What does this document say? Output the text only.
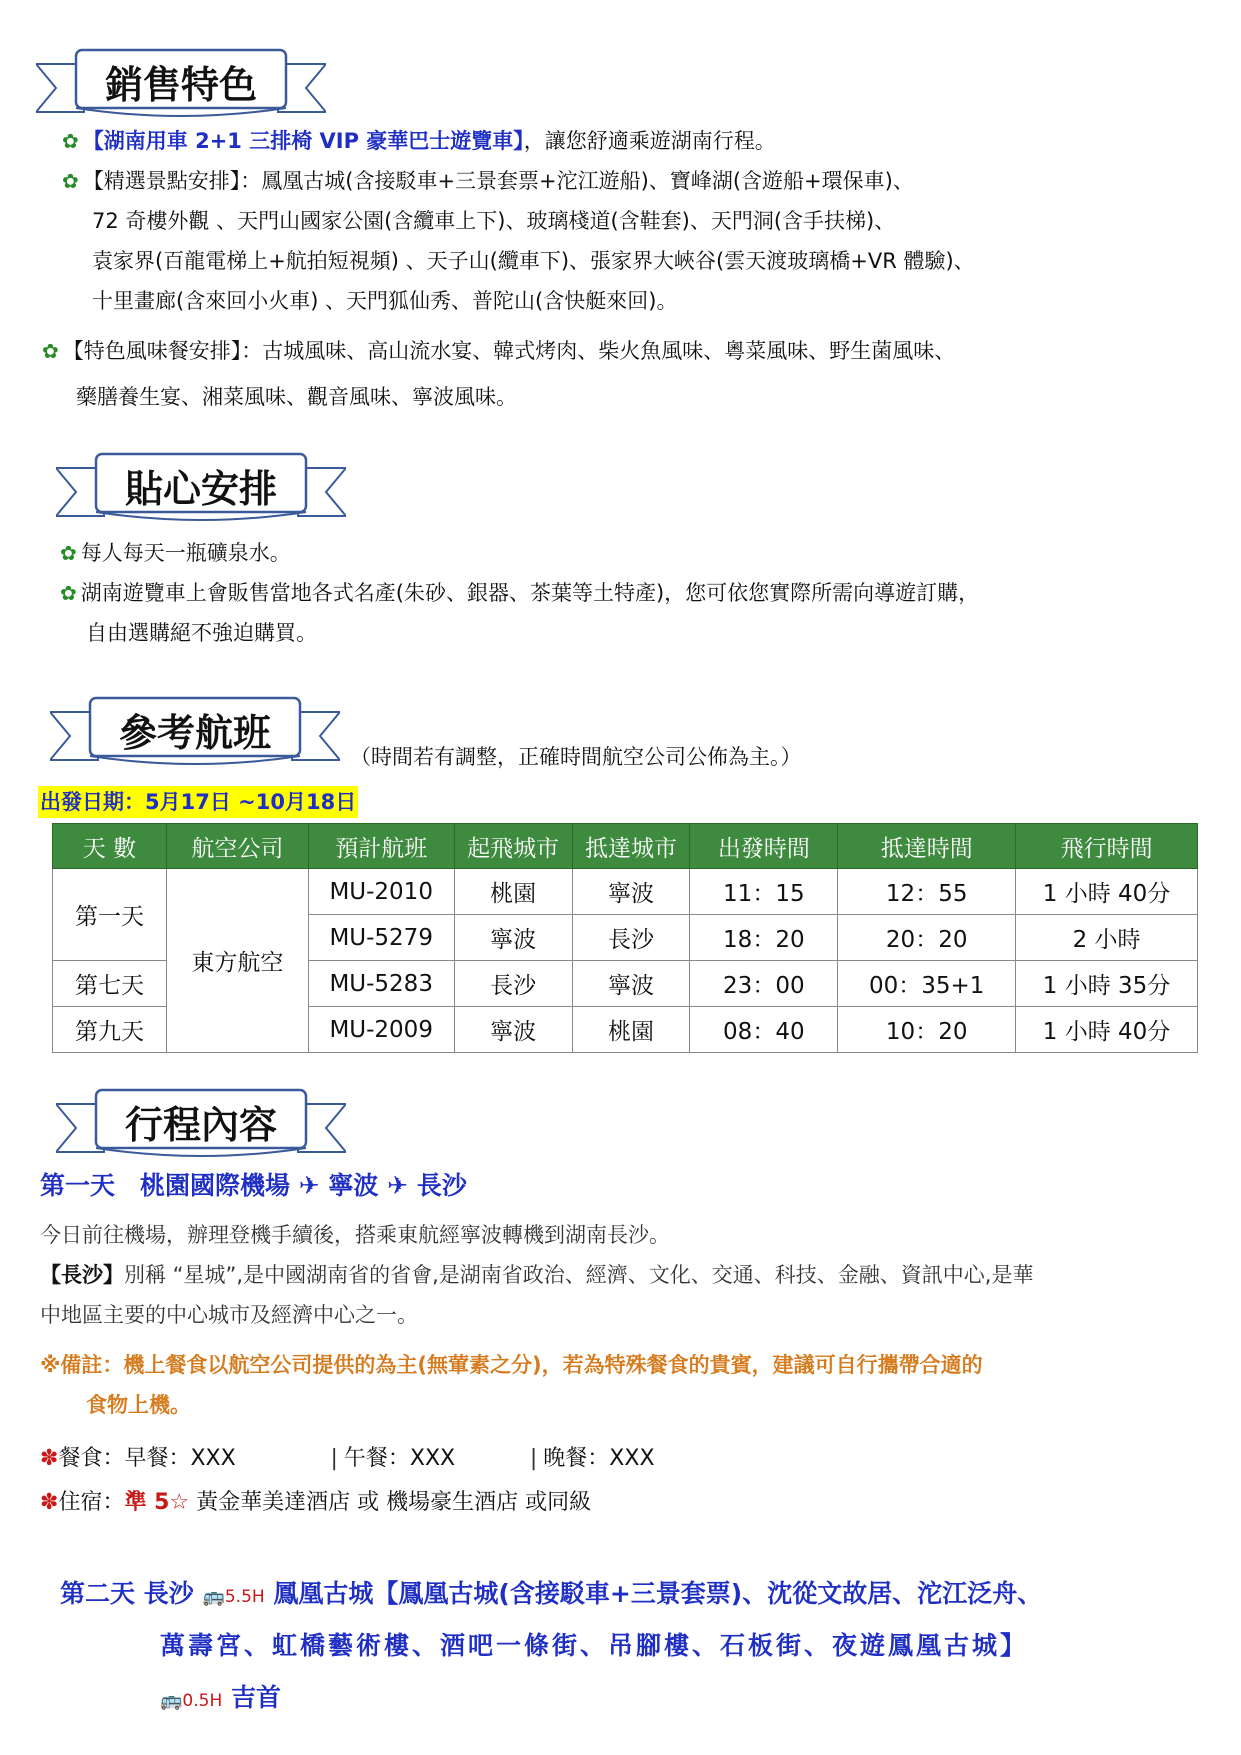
銷售特色
✿ 【湖南用車 2+1 三排椅 VIP 豪華巴士遊覽車】，讓您舒適乘遊湖南行程。
✿ 【精選景點安排】：鳳凰古城(含接駁車+三景套票+沱江遊船)、寶峰湖(含遊船+環保車)、
72 奇樓外觀 、天門山國家公園(含纜車上下)、玻璃棧道(含鞋套)、天門洞(含手扶梯)、
袁家界(百龍電梯上+航拍短視頻) 、天子山(纜車下)、張家界大峽谷(雲天渡玻璃橋+VR 體驗)、
十里畫廊(含來回小火車) 、天門狐仙秀、普陀山(含快艇來回)。
✿ 【特色風味餐安排】：古城風味、高山流水宴、韓式烤肉、柴火魚風味、粵菜風味、野生菌風味、
藥膳養生宴、湘菜風味、觀音風味、寧波風味。
貼心安排
✿ 每人每天一瓶礦泉水。
✿ 湖南遊覽車上會販售當地各式名產(朱砂、銀器、茶葉等土特產)，您可依您實際所需向導遊訂購，
自由選購絕不強迫購買。
參考航班
（時間若有調整，正確時間航空公司公佈為主。）
出發日期：5月17日 ~10月18日
天 數	航空公司	預計航班	起飛城市	抵達城市	出發時間	抵達時間	飛行時間
第一天	東方航空	MU-2010	桃園	寧波	11：15	12：55	1 小時 40分
		MU-5279	寧波	長沙	18：20	20：20	2 小時
第七天		MU-5283	長沙	寧波	23：00	00：35+1	1 小時 35分
第九天		MU-2009	寧波	桃園	08：40	10：20	1 小時 40分
行程內容
第一天　桃園國際機場 ✈ 寧波 ✈ 長沙
今日前往機場，辦理登機手續後，搭乘東航經寧波轉機到湖南長沙。
【長沙】別稱 “星城”,是中國湖南省的省會,是湖南省政治、經濟、文化、交通、科技、金融、資訊中心,是華
中地區主要的中心城市及經濟中心之一。
※備註：機上餐食以航空公司提供的為主(無葷素之分)，若為特殊餐食的貴賓，建議可自行攜帶合適的
食物上機。
✽餐食：早餐：XXX	| 午餐：XXX	| 晚餐：XXX
✽住宿：準 5☆ 黃金華美達酒店 或 機場豪生酒店 或同級
第二天 長沙 🚌5.5H 鳳凰古城【鳳凰古城(含接駁車+三景套票)、沈從文故居、沱江泛舟、
萬壽宮、虹橋藝術樓、酒吧一條街、吊腳樓、石板街、夜遊鳳凰古城】
🚌0.5H 吉首
